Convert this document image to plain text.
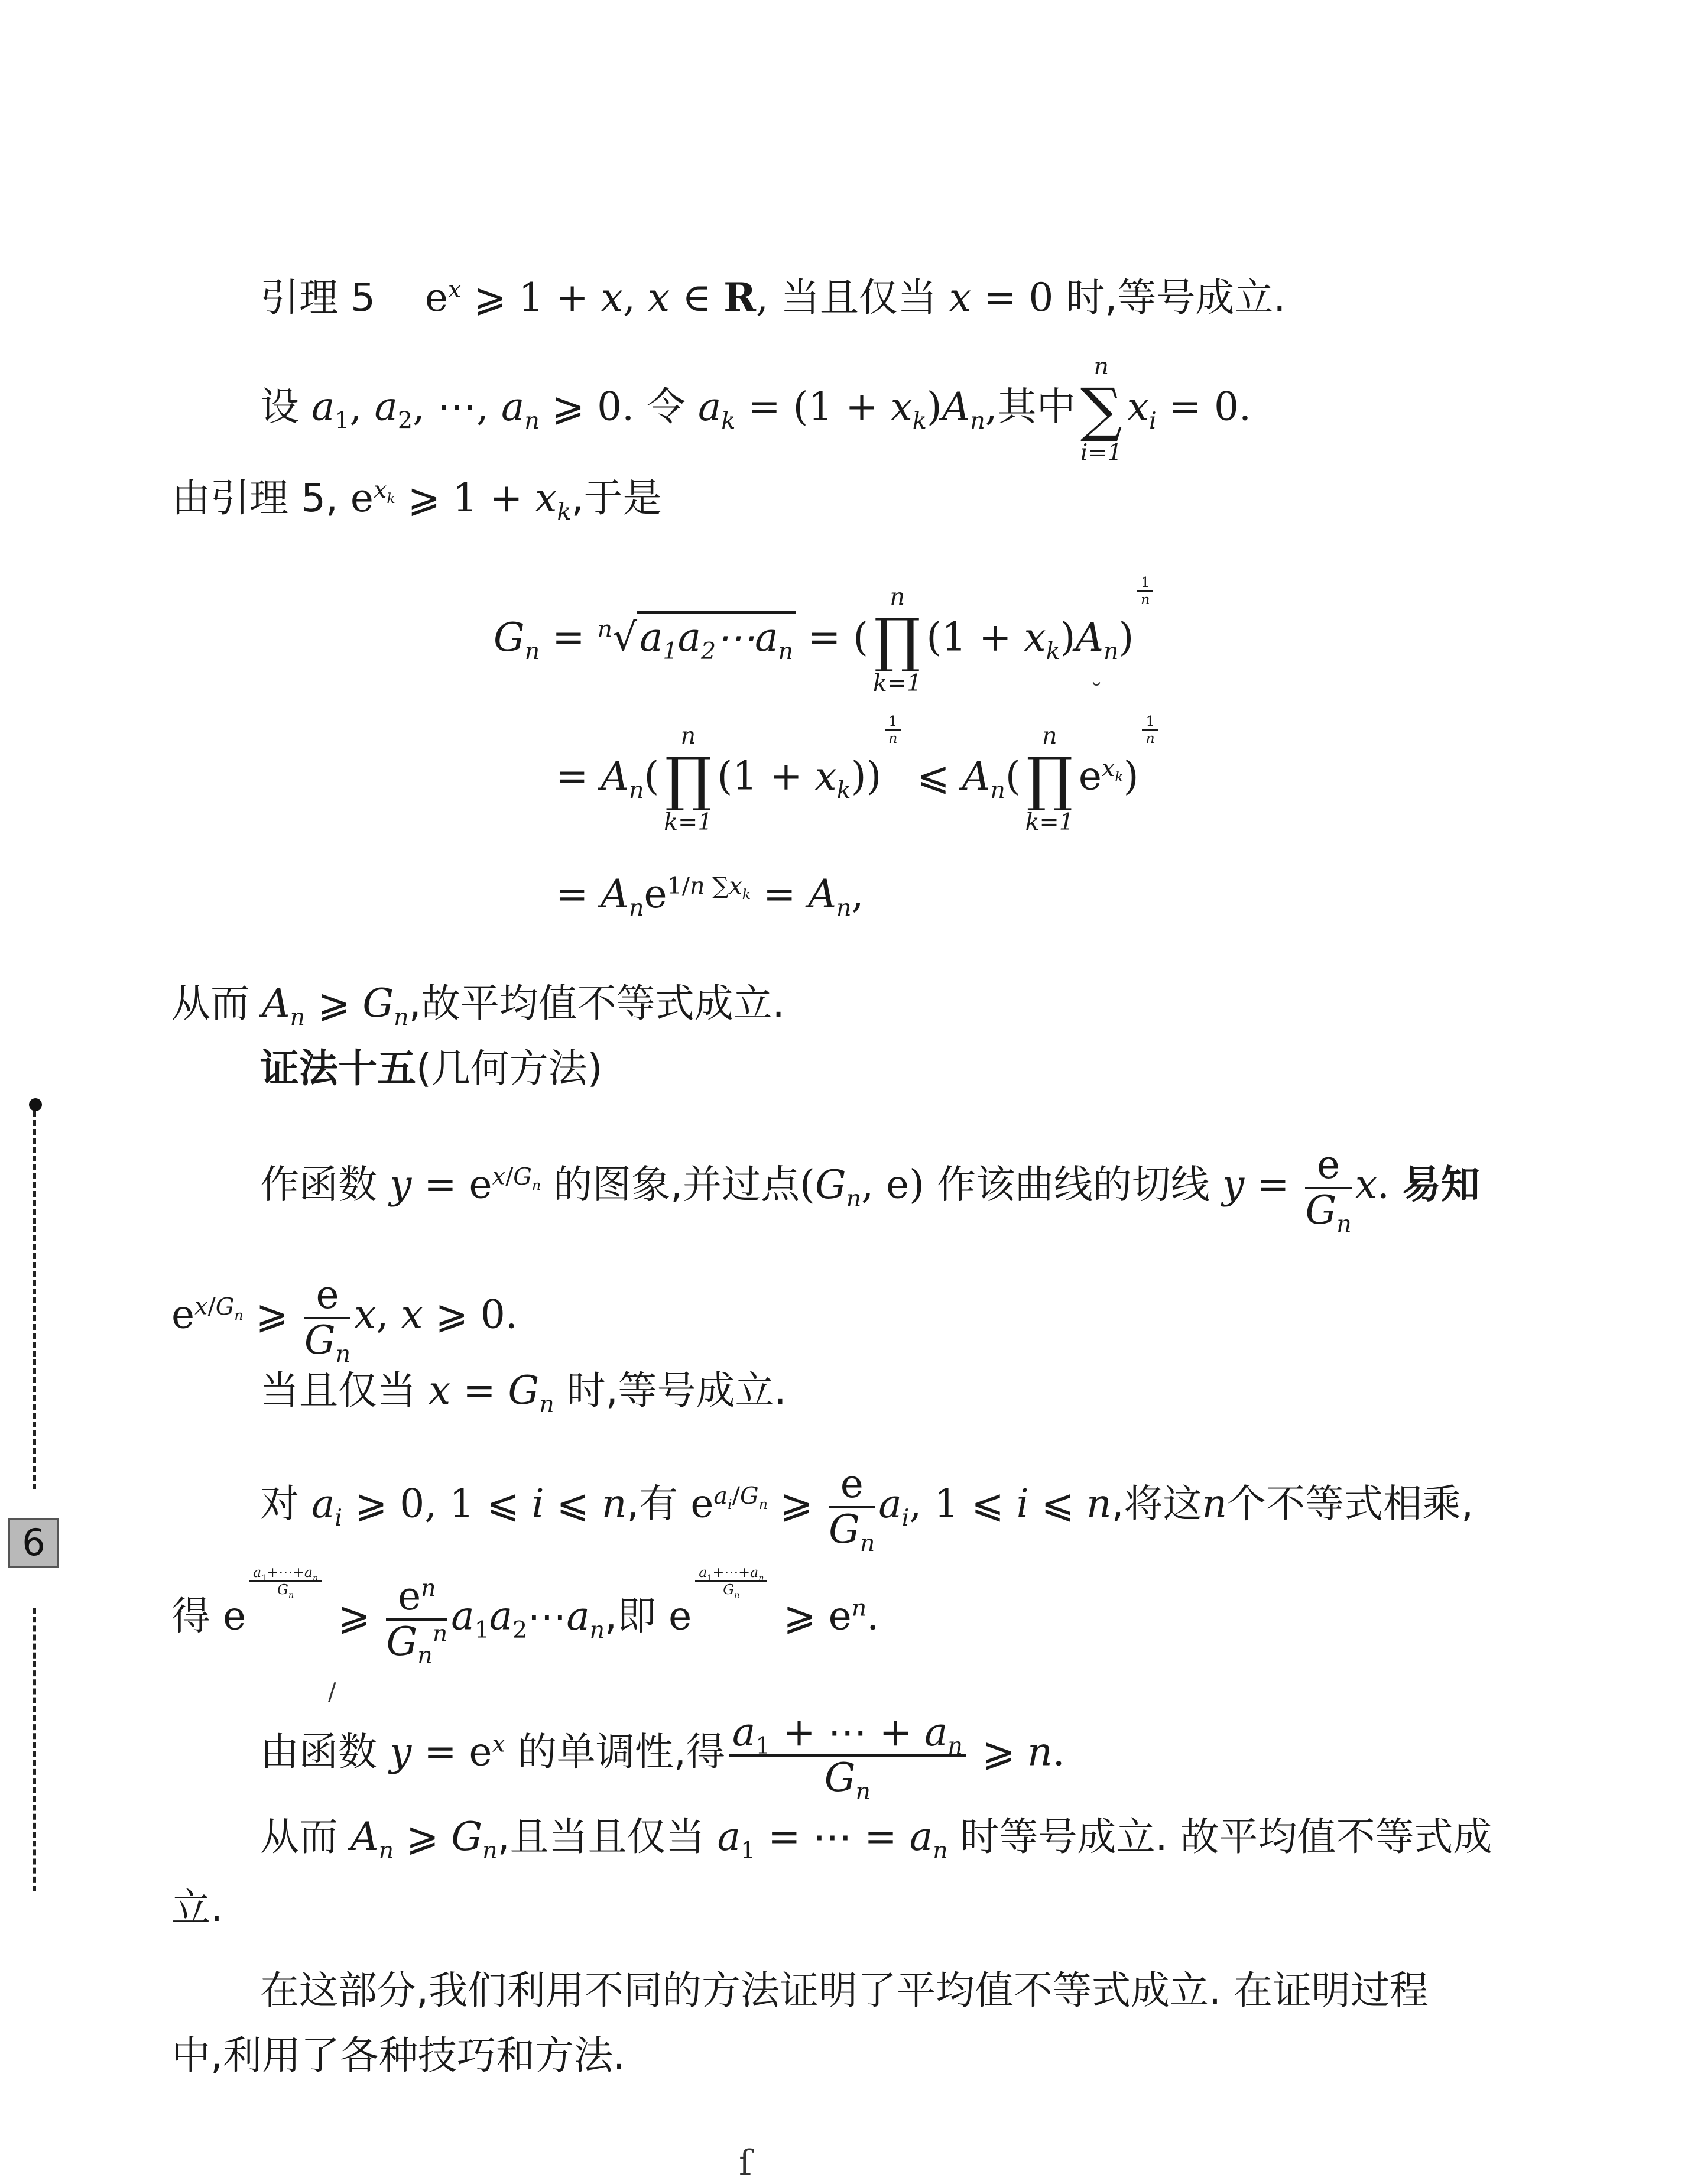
引理 5    $e^x$ ⩾ 1 + x, x ∈ R, 当且仅当 x = 0 时,等号成立.
设 $a_1$, $a_2$, ⋯, $a_n$ ⩾ 0. 令 $a_k = (1 + x_k)A_n$,其中
n
∑
i=1
$x_i = 0$.
由引理 5, $e^{x_k}$ ⩾ $1 + x_k$,于是
$G_n$ = $^n√a_1a_2\cdots a_n$ = (
n
∏
k=1
$(1 + x_k)A_n$)
$\frac{1}{n}$
= $A_n$(
n
∏
k=1
$(1 + x_k)$)
$\frac{1}{n}$
⩽ $A_n$(
n
∏
k=1
$e^{x_k}$)
$\frac{1}{n}$
= $A_ne^{1/n \sum x_k} = A_n$,
从而 $A_n$ ⩾ $G_n$,故平均值不等式成立.
证法十五(几何方法)
作函数 $y = e^{x/G_n}$ 的图象,并过点($G_n$, e) 作该曲线的切线 $y = \frac{e}{G_n} x$. 易知
$e^{x/G_n}$ ⩾ $\frac{e}{G_n} x$, x ⩾ 0.
当且仅当 $x = G_n$ 时,等号成立.
对 $a_i$ ⩾ 0, 1 ⩽ i ⩽ n,有 $e^{a_i/G_n}$ ⩾ $\frac{e}{G_n} a_i$, 1 ⩽ i ⩽ n,将这n个不等式相乘,
得 e
$\frac{a_1+\cdots+a_n}{G_n}$
⩾ $\frac{e^n}{G_n^n}$ $a_1a_2\cdots a_n$,即 e
$\frac{a_1+\cdots+a_n}{G_n}$
⩾ $e^n$.
由函数 $y = e^x$ 的单调性,得 $\frac{a_1 + \cdots + a_n}{G_n}$ ⩾ n.
从而 $A_n$ ⩾ $G_n$,且当且仅当 $a_1$ = ⋯ = $a_n$ 时等号成立. 故平均值不等式成
立.
在这部分,我们利用不同的方法证明了平均值不等式成立. 在证明过程
中,利用了各种技巧和方法.
6
˘
/
ſ
